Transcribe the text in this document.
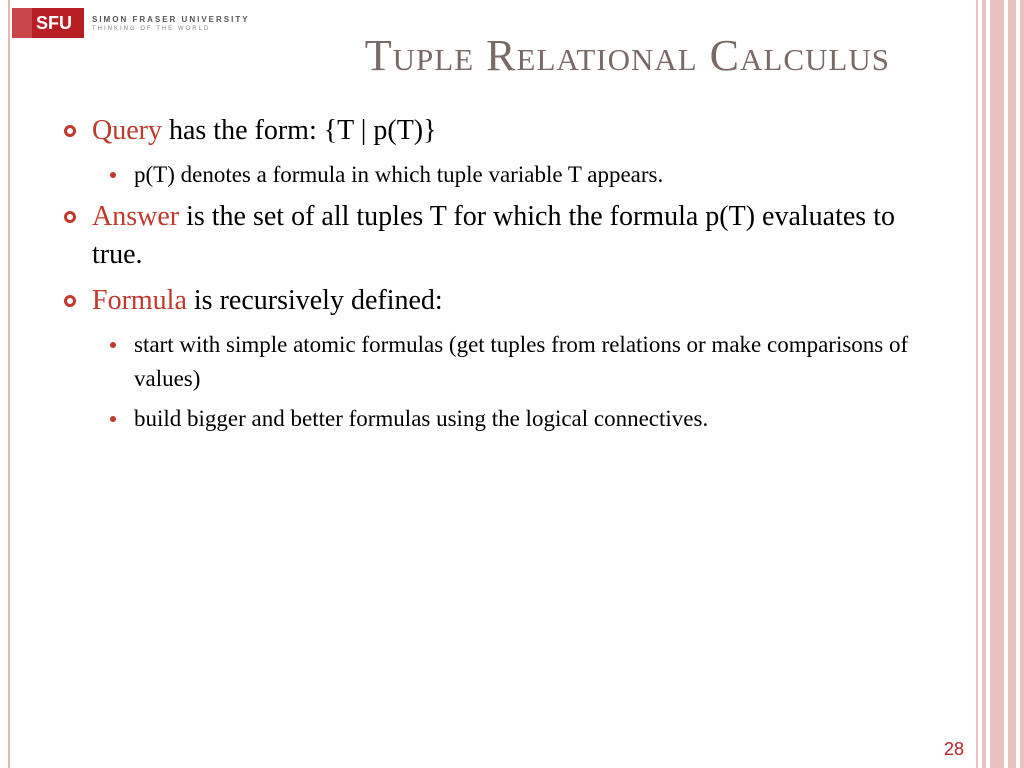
SFU	SIMON FRASER UNIVERSITY
THINKING OF THE WORLD
Tuple Relational Calculus
Query has the form: {T | p(T)}
p(T) denotes a formula in which tuple variable T appears.
Answer is the set of all tuples T for which the formula p(T) evaluates to true.
Formula is recursively defined:
start with simple atomic formulas (get tuples from relations or make comparisons of values)
build bigger and better formulas using the logical connectives.
28
